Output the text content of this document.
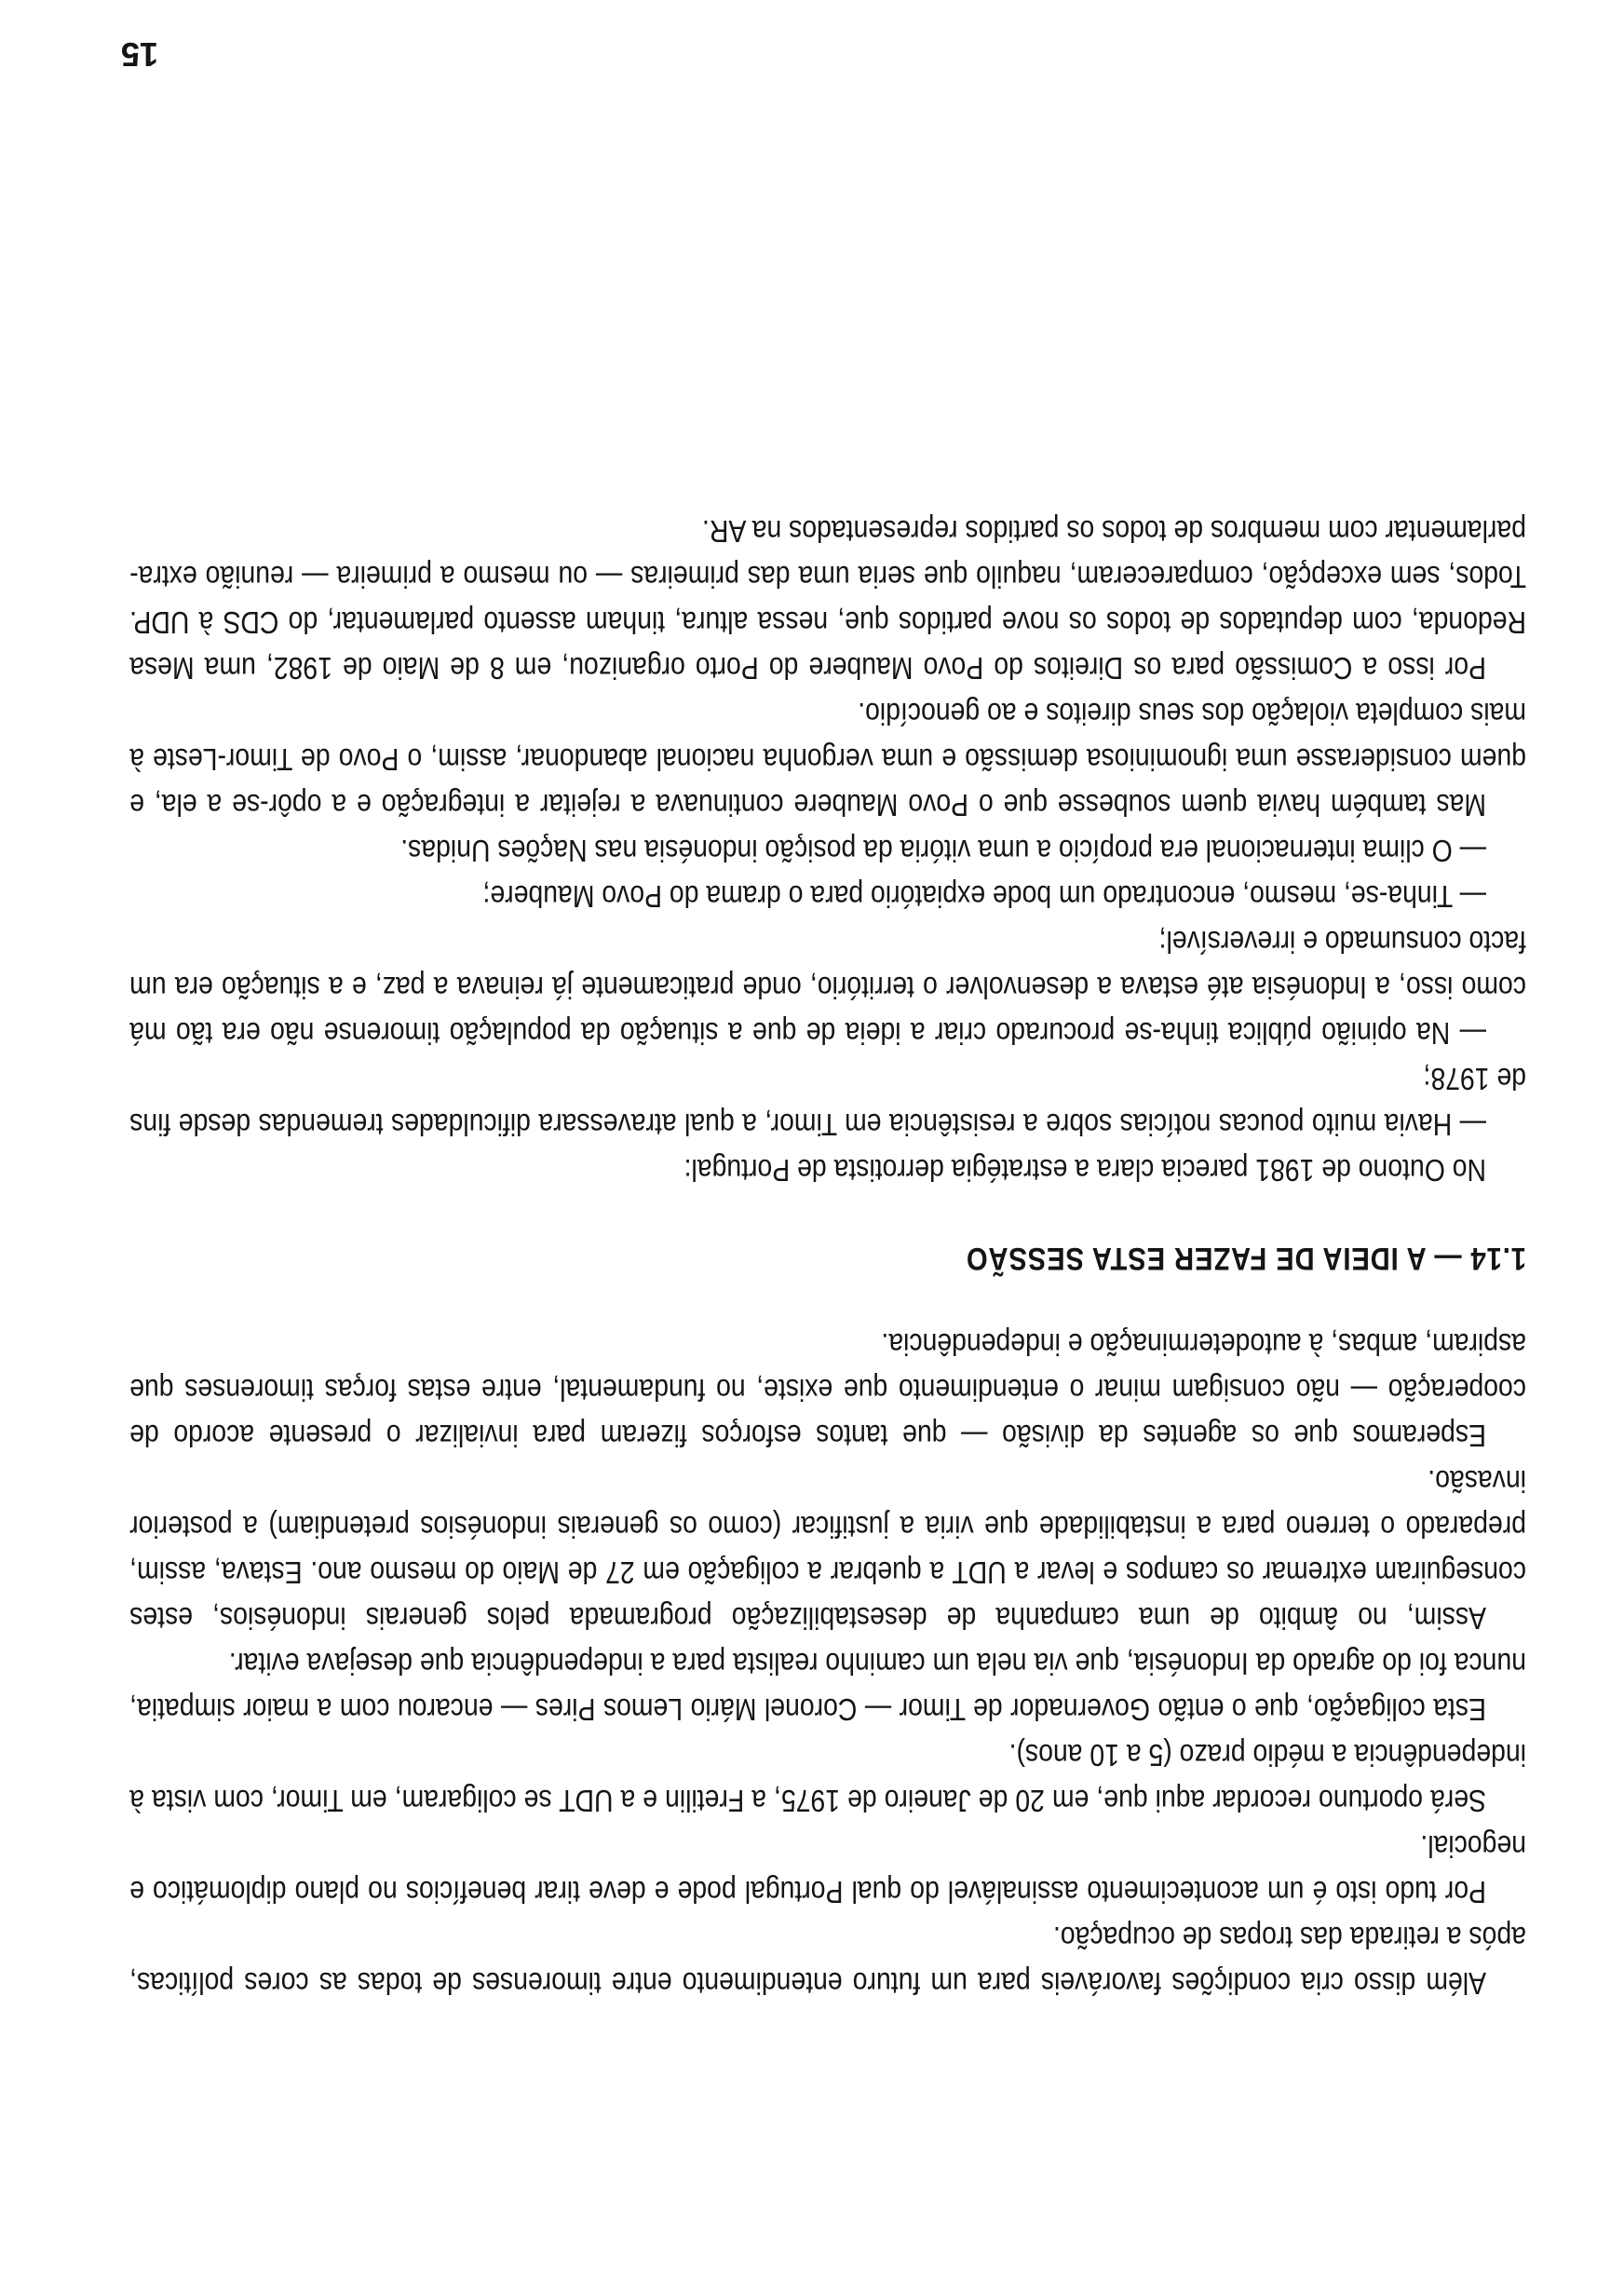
Além disso cria condições favoráveis para um futuro entendimento entre timorenses de todas as cores políticas, após a retirada das tropas de ocupação.

Por tudo isto é um acontecimento assinalável do qual Portugal pode e deve tirar benefícios no plano diplomático e negocial.

Será oportuno recordar aqui que, em 20 de Janeiro de 1975, a Fretilin e a UDT se coligaram, em Timor, com vista à independência a médio prazo (5 a 10 anos).

Esta coligação, que o então Governador de Timor — Coronel Mário Lemos Pires — encarou com a maior simpatia, nunca foi do agrado da Indonésia, que via nela um caminho realista para a independência que desejava evitar.

Assim, no âmbito de uma campanha de desestabilização programada pelos generais indonésios, estes conseguiram extremar os campos e levar a UDT a quebrar a coligação em 27 de Maio do mesmo ano. Estava, assim, preparado o terreno para a instabilidade que viria a justificar (como os generais indonésios pretendiam) a posterior invasão.

Esperamos que os agentes da divisão — que tantos esforços fizeram para invializar o presente acordo de cooperação — não consigam minar o entendimento que existe, no fundamental, entre estas forças timorenses que aspiram, ambas, à autodeterminação e independência.

1.14 — A IDEIA DE FAZER ESTA SESSÃO

No Outono de 1981 parecia clara a estratégia derrotista de Portugal:

— Havia muito poucas notícias sobre a resistência em Timor, a qual atravessara dificuldades tremendas desde fins de 1978;

— Na opinião pública tinha-se procurado criar a ideia de que a situação da população timorense não era tão má como isso, a Indonésia até estava a desenvolver o território, onde praticamente já reinava a paz, e a situação era um facto consumado e irreversível;

— Tinha-se, mesmo, encontrado um bode expiatório para o drama do Povo Maubere;

— O clima internacional era propício a uma vitória da posição indonésia nas Nações Unidas.

Mas também havia quem soubesse que o Povo Maubere continuava a rejeitar a integração e a opôr-se a ela, e quem considerasse uma ignominiosa demissão e uma vergonha nacional abandonar, assim, o Povo de Timor-Leste à mais completa violação dos seus direitos e ao genocídio.

Por isso a Comissão para os Direitos do Povo Maubere do Porto organizou, em 8 de Maio de 1982, uma Mesa Redonda, com deputados de todos os nove partidos que, nessa altura, tinham assento parlamentar, do CDS à UDP. Todos, sem excepção, compareceram, naquilo que seria uma das primeiras — ou mesmo a primeira — reunião extra-parlamentar com membros de todos os partidos representados na AR.

15
